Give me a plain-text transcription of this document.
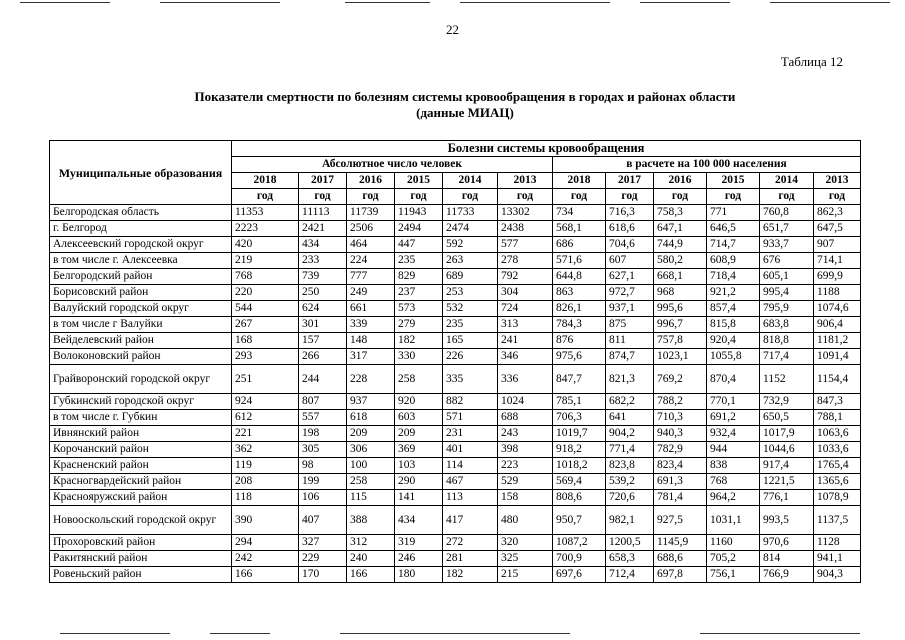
22
Таблица 12
Показатели смертности по болезням системы кровообращения в городах и районах области
(данные МИАЦ)
Муниципальные образования	Болезни системы кровообращения											
	Абсолютное число человек						в расчете на 100 000 населения					
	2018	2017	2016	2015	2014	2013	2018	2017	2016	2015	2014	2013
	год	год	год	год	год	год	год	год	год	год	год	год
Белгородская область	11353	11113	11739	11943	11733	13302	734	716,3	758,3	771	760,8	862,3
г. Белгород	2223	2421	2506	2494	2474	2438	568,1	618,6	647,1	646,5	651,7	647,5
Алексеевский городской округ	420	434	464	447	592	577	686	704,6	744,9	714,7	933,7	907
в том числе г. Алексеевка	219	233	224	235	263	278	571,6	607	580,2	608,9	676	714,1
Белгородский район	768	739	777	829	689	792	644,8	627,1	668,1	718,4	605,1	699,9
Борисовский район	220	250	249	237	253	304	863	972,7	968	921,2	995,4	1188
Валуйский городской округ	544	624	661	573	532	724	826,1	937,1	995,6	857,4	795,9	1074,6
в том числе г Валуйки	267	301	339	279	235	313	784,3	875	996,7	815,8	683,8	906,4
Вейделевский район	168	157	148	182	165	241	876	811	757,8	920,4	818,8	1181,2
Волоконовский район	293	266	317	330	226	346	975,6	874,7	1023,1	1055,8	717,4	1091,4
Грайворонский городской округ	251	244	228	258	335	336	847,7	821,3	769,2	870,4	1152	1154,4
Губкинский городской округ	924	807	937	920	882	1024	785,1	682,2	788,2	770,1	732,9	847,3
в том числе г. Губкин	612	557	618	603	571	688	706,3	641	710,3	691,2	650,5	788,1
Ивнянский район	221	198	209	209	231	243	1019,7	904,2	940,3	932,4	1017,9	1063,6
Корочанский район	362	305	306	369	401	398	918,2	771,4	782,9	944	1044,6	1033,6
Красненский район	119	98	100	103	114	223	1018,2	823,8	823,4	838	917,4	1765,4
Красногвардейский район	208	199	258	290	467	529	569,4	539,2	691,3	768	1221,5	1365,6
Краснояружский район	118	106	115	141	113	158	808,6	720,6	781,4	964,2	776,1	1078,9
Новооскольский городской округ	390	407	388	434	417	480	950,7	982,1	927,5	1031,1	993,5	1137,5
Прохоровский район	294	327	312	319	272	320	1087,2	1200,5	1145,9	1160	970,6	1128
Ракитянский район	242	229	240	246	281	325	700,9	658,3	688,6	705,2	814	941,1
Ровеньский район	166	170	166	180	182	215	697,6	712,4	697,8	756,1	766,9	904,3
